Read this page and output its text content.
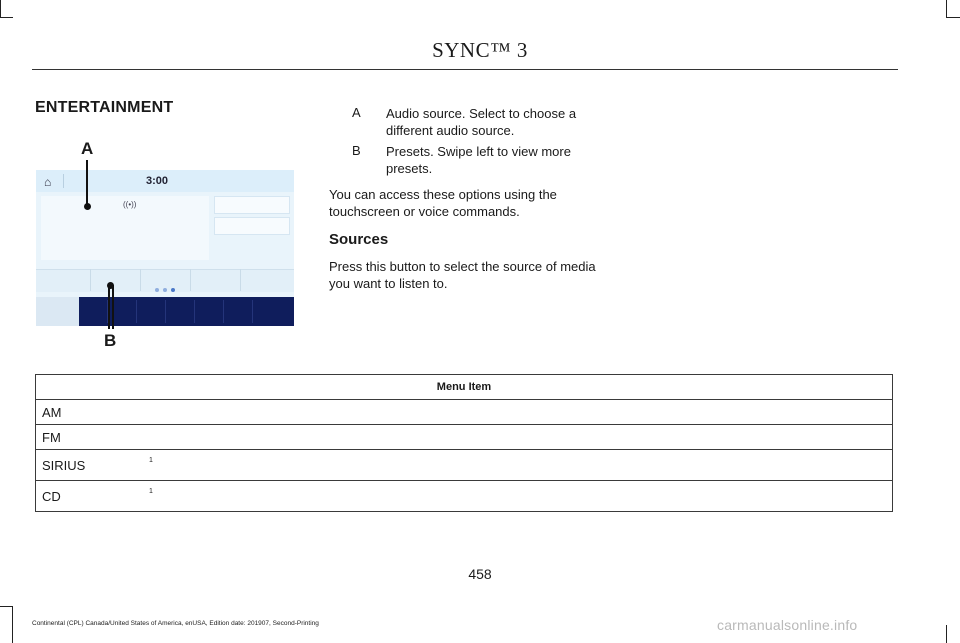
SYNC™ 3
ENTERTAINMENT
A
B
⌂	3:00
((•))
A Audio source. Select to choose a different audio source.
B Presets. Swipe left to view more presets.
You can access these options using the touchscreen or voice commands.
Sources
Press this button to select the source of media you want to listen to.
Menu Item
AM
FM
SIRIUS	1

CD	1
458
Continental (CPL) Canada/United States of America, enUSA, Edition date: 201907, Second-Printing	carmanualsonline.info
